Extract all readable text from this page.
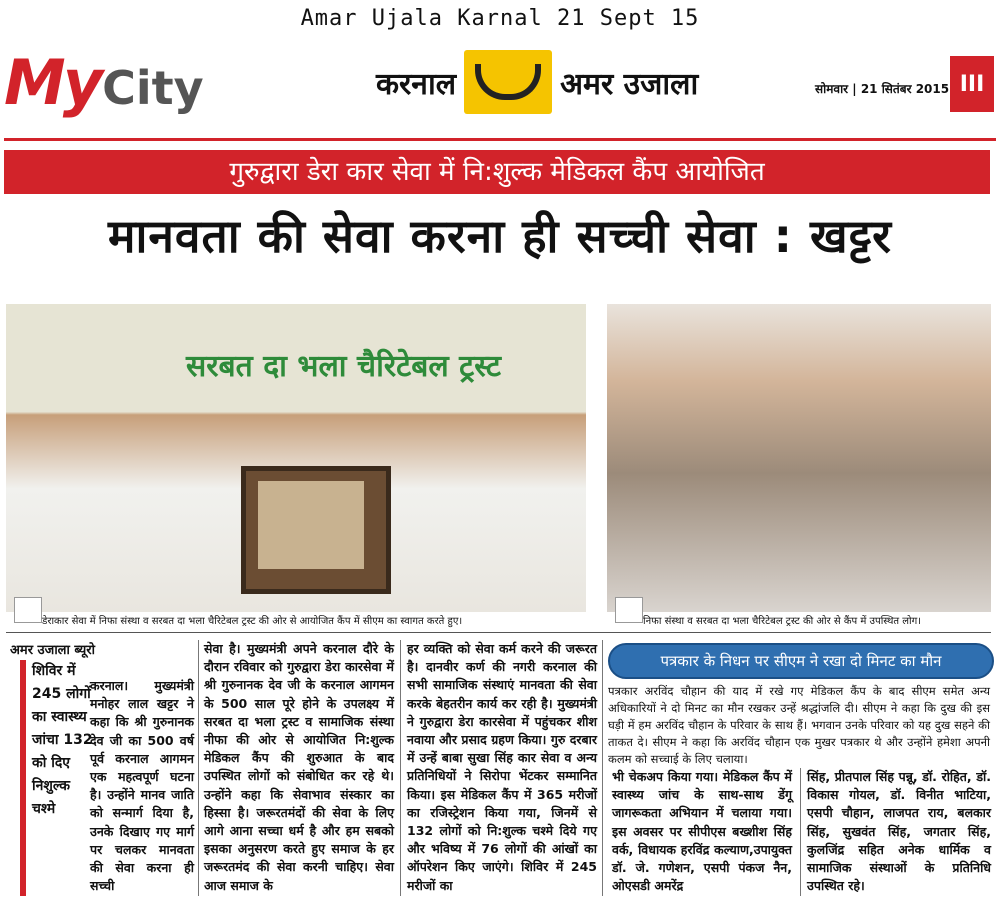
Amar Ujala Karnal 21 Sept 15
MyCity	करनाल	अमर उजाला	सोमवार | 21 सितंबर 2015 III
गुरुद्वारा डेरा कार सेवा में नि:शुल्क मेडिकल कैंप आयोजित
मानवता की सेवा करना ही सच्ची सेवा : खट्टर
सरबत दा भला चैरिटेबल ट्रस्ट
डेराकार सेवा में निफा संस्था व सरबत दा भला चैरिटेबल ट्रस्ट की ओर से आयोजित कैंप में सीएम का स्वागत करते हुए।	निफा संस्था व सरबत दा भला चैरिटेबल ट्रस्ट की ओर से कैंप में उपस्थित लोग।
अमर उजाला ब्यूरो
शिविर में 245 लोगों का स्वास्थ्य जांचा 132 को दिए निशुल्क चश्मे
करनाल। मुख्यमंत्री मनोहर लाल खट्टर ने कहा कि श्री गुरुनानक देव जी का 500 वर्ष पूर्व करनाल आगमन एक महत्वपूर्ण घटना है। उन्होंने मानव जाति को सन्मार्ग दिया है, उनके दिखाए गए मार्ग पर चलकर मानवता की सेवा करना ही सच्ची
सेवा है। मुख्यमंत्री अपने करनाल दौरे के दौरान रविवार को गुरुद्वारा डेरा कारसेवा में श्री गुरुनानक देव जी के करनाल आगमन के 500 साल पूरे होने के उपलक्ष्य में सरबत दा भला ट्रस्ट व सामाजिक संस्था नीफा की ओर से आयोजित नि:शुल्क मेडिकल कैंप की शुरुआत के बाद उपस्थित लोगों को संबोधित कर रहे थे। उन्होंने कहा कि सेवाभाव संस्कार का हिस्सा है। जरूरतमंदों की सेवा के लिए आगे आना सच्चा धर्म है और हम सबको इसका अनुसरण करते हुए समाज के हर जरूरतमंद की सेवा करनी चाहिए। सेवा आज समाज के
हर व्यक्ति को सेवा कर्म करने की जरूरत है। दानवीर कर्ण की नगरी करनाल की सभी सामाजिक संस्थाएं मानवता की सेवा करके बेहतरीन कार्य कर रही है। मुख्यमंत्री ने गुरुद्वारा डेरा कारसेवा में पहुंचकर शीश नवाया और प्रसाद ग्रहण किया। गुरु दरबार में उन्हें बाबा सुखा सिंह कार सेवा व अन्य प्रतिनिधियों ने सिरोपा भेंटकर सम्मानित किया। इस मेडिकल कैंप में 365 मरीजों का रजिस्ट्रेशन किया गया, जिनमें से 132 लोगों को नि:शुल्क चश्मे दिये गए और भविष्य में 76 लोगों की आंखों का ऑपरेशन किए जाएंगे। शिविर में 245 मरीजों का
पत्रकार के निधन पर सीएम ने रखा दो मिनट का मौन
पत्रकार अरविंद चौहान की याद में रखे गए मेडिकल कैंप के बाद सीएम समेत अन्य अधिकारियों ने दो मिनट का मौन रखकर उन्हें श्रद्धांजलि दी। सीएम ने कहा कि दुख की इस घड़ी में हम अरविंद चौहान के परिवार के साथ हैं। भगवान उनके परिवार को यह दुख सहने की ताकत दे। सीएम ने कहा कि अरविंद चौहान एक मुखर पत्रकार थे और उन्होंने हमेशा अपनी कलम को सच्चाई के लिए चलाया।
भी चेकअप किया गया। मेडिकल कैंप में स्वास्थ्य जांच के साथ-साथ डेंगू जागरूकता अभियान में चलाया गया। इस अवसर पर सीपीएस बख्शीश सिंह वर्क, विधायक हरविंद्र कल्याण,उपायुक्त डॉ. जे. गणेशन, एसपी पंकज नैन, ओएसडी अमरेंद्र
सिंह, प्रीतपाल सिंह पन्नू, डॉ. रोहित, डॉ. विकास गोयल, डॉ. विनीत भाटिया, एसपी चौहान, लाजपत राय, बलकार सिंह, सुखवंत सिंह, जगतार सिंह, कुलजिंद्र सहित अनेक धार्मिक व सामाजिक संस्थाओं के प्रतिनिधि उपस्थित रहे।
